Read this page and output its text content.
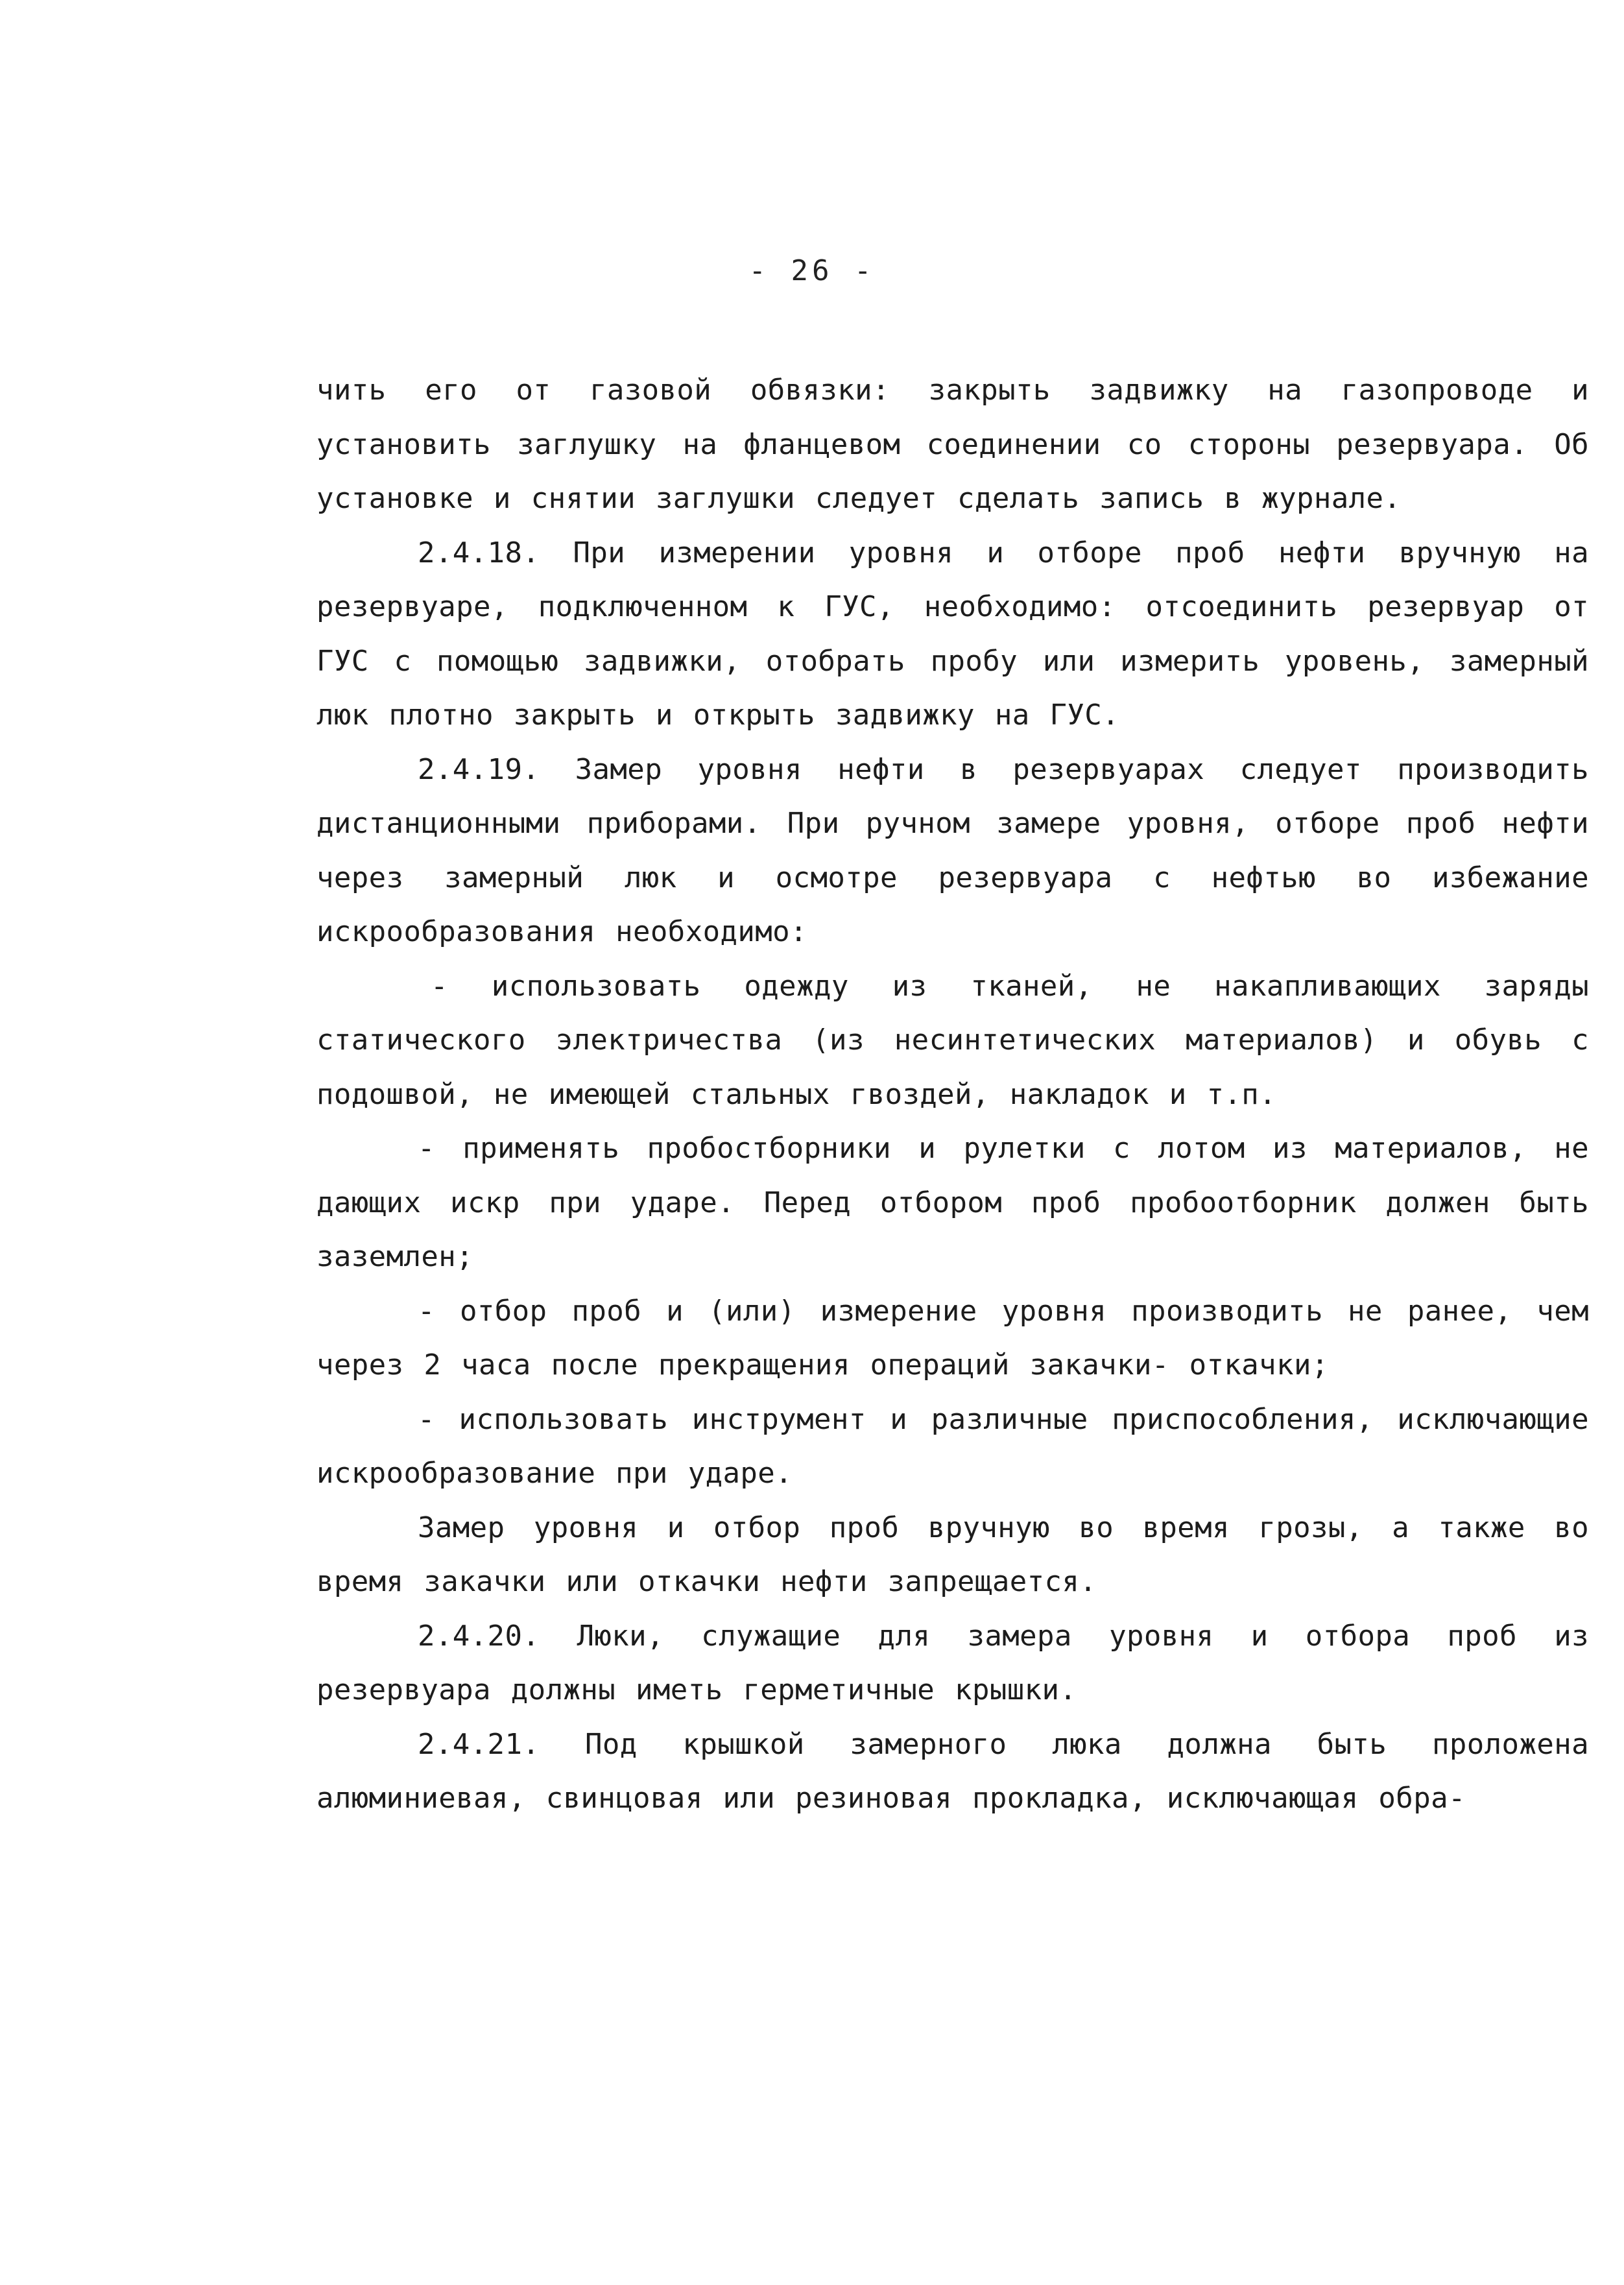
- 26 -

чить его от газовой обвязки: закрыть задвижку на газопроводе и установить заглушку на фланцевом соединении со стороны резервуара. Об установке и снятии заглушки следует сделать запись в журнале.

2.4.18. При измерении уровня и отборе проб нефти вручную на резервуаре, подключенном к ГУС, необходимо: отсоединить резервуар от ГУС с помощью задвижки, отобрать пробу или измерить уровень, замерный люк плотно закрыть и открыть задвижку на ГУС.

2.4.19. Замер уровня нефти в резервуарах следует производить дистанционными приборами. При ручном замере уровня, отборе проб нефти через замерный люк и осмотре резервуара с нефтью во избежание искрообразования необходимо:

- использовать одежду из тканей, не накапливающих заряды статического электричества (из несинтетических материалов) и обувь с подошвой, не имеющей стальных гвоздей, накладок и т.п.

- применять пробостборники и рулетки с лотом из материалов, не дающих искр при ударе. Перед отбором проб пробоотборник должен быть заземлен;

- отбор проб и (или) измерение уровня производить не ранее, чем через 2 часа после прекращения операций закачки- откачки;

- использовать инструмент и различные приспособления, исключающие искрообразование при ударе.

Замер уровня и отбор проб вручную во время грозы, а также во время закачки или откачки нефти запрещается.

2.4.20. Люки, служащие для замера уровня и отбора проб из резервуара должны иметь герметичные крышки.

2.4.21. Под крышкой замерного люка должна быть проложена алюминиевая, свинцовая или резиновая прокладка, исключающая обра-
